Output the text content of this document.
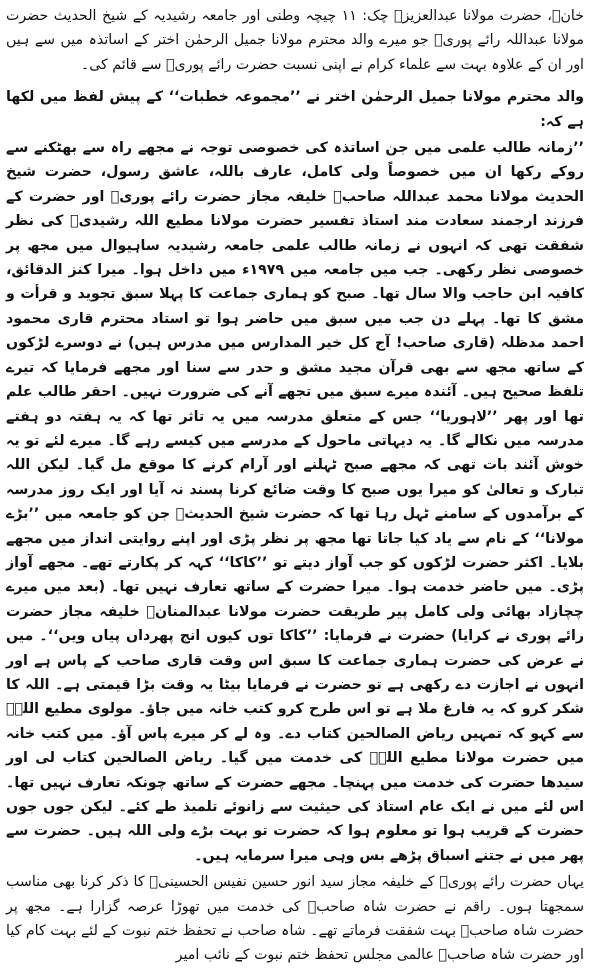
خانؒ، حضرت مولانا عبدالعزیزؒ چک: ۱۱ چیچہ وطنی اور جامعہ رشیدیہ کے شیخ الحدیث حضرت مولانا عبداللہ رائے پوریؒ جو میرے والد محترم مولانا جمیل الرحمٰن اختر کے اساتذہ میں سے ہیں اور ان کے علاوہ بہت سے علماء کرام نے اپنی نسبت حضرت رائے پوریؒ سے قائم کی۔

والد محترم مولانا جمیل الرحمٰن اختر نے ’’مجموعہ خطبات‘‘ کے پیش لفظ میں لکھا ہے کہ:

’’زمانہ طالب علمی میں جن اساتذہ کی خصوصی توجہ نے مجھے راہ سے بھٹکنے سے روکے رکھا ان میں خصوصاً ولی کامل، عارف باللہ، عاشق رسول، حضرت شیخ الحدیث مولانا محمد عبداللہ صاحبؒ خلیفہ مجاز حضرت رائے پوریؒ اور حضرت کے فرزند ارجمند سعادت مند استاذ تفسیر حضرت مولانا مطیع اللہ رشیدیؒ کی نظر شفقت تھی کہ انہوں نے زمانہ طالب علمی جامعہ رشیدیہ ساہیوال میں مجھ پر خصوصی نظر رکھی۔ جب میں جامعہ میں ۱۹۷۹ء میں داخل ہوا۔ میرا کنز الدقائق، کافیہ ابن حاجب والا سال تھا۔ صبح کو ہماری جماعت کا پہلا سبق تجوید و قرأت و مشق کا تھا۔ پہلے دن جب میں سبق میں حاضر ہوا تو استاد محترم قاری محمود احمد مدظلہ (قاری صاحب! آج کل خیر المدارس میں مدرس ہیں) نے دوسرے لڑکوں کے ساتھ مجھ سے بھی قرآن مجید مشق و حدر سے سنا اور مجھے فرمایا کہ تیرے تلفظ صحیح ہیں۔ آئندہ میرے سبق میں تجھے آنے کی ضرورت نہیں۔ احقر طالب علم تھا اور پھر ’’لاہوریا‘‘ جس کے متعلق مدرسہ میں یہ تاثر تھا کہ یہ ہفتہ دو ہفتے مدرسہ میں نکالے گا۔ یہ دیہاتی ماحول کے مدرسے میں کیسے رہے گا۔ میرے لئے تو یہ خوش آئند بات تھی کہ مجھے صبح ٹہلنے اور آرام کرنے کا موقع مل گیا۔ لیکن اللہ تبارک و تعالیٰ کو میرا یوں صبح کا وقت ضائع کرنا پسند نہ آیا اور ایک روز مدرسہ کے برآمدوں کے سامنے ٹہل رہا تھا کہ حضرت شیخ الحدیثؒ جن کو جامعہ میں ’’بڑے مولانا‘‘ کے نام سے یاد کیا جاتا تھا مجھ پر نظر پڑی اور اپنے روایتی انداز میں مجھے بلایا۔ اکثر حضرت لڑکوں کو جب آواز دیتے تو ’’کاکا‘‘ کہہ کر پکارتے تھے۔ مجھے آواز پڑی۔ میں حاضر خدمت ہوا۔ میرا حضرت کے ساتھ تعارف نہیں تھا۔ (بعد میں میرے چچازاد بھائی ولی کامل پیر طریقت حضرت مولانا عبدالمنانؒ خلیفہ مجاز حضرت رائے پوری نے کرایا) حضرت نے فرمایا: ’’کاکا توں کیوں انج پھرداں پیاں ویں‘‘۔ میں نے عرض کی حضرت ہماری جماعت کا سبق اس وقت قاری صاحب کے پاس ہے اور انہوں نے اجازت دے رکھی ہے تو حضرت نے فرمایا بیٹا یہ وقت بڑا قیمتی ہے۔ اللہ کا شکر کرو کہ یہ فارغ ملا ہے تو اس طرح کرو کتب خانہ میں جاؤ۔ مولوی مطیع اللہؒ سے کہو کہ تمہیں ریاض الصالحین کتاب دے۔ وہ لے کر میرے پاس آؤ۔ میں کتب خانہ میں حضرت مولانا مطیع اللہؒ کی خدمت میں گیا۔ ریاض الصالحین کتاب لی اور سیدھا حضرت کی خدمت میں پہنچا۔ مجھے حضرت کے ساتھ چونکہ تعارف نہیں تھا۔ اس لئے میں نے ایک عام استاذ کی حیثیت سے زانوئے تلمیذ طے کئے۔ لیکن جوں جوں حضرت کے قریب ہوا تو معلوم ہوا کہ حضرت تو بہت بڑے ولی اللہ ہیں۔ حضرت سے پھر میں نے جتنے اسباق پڑھے بس وہی میرا سرمایہ ہیں۔

یہاں حضرت رائے پوریؒ کے خلیفہ مجاز سید انور حسین نفیس الحسینیؒ کا ذکر کرنا بھی مناسب سمجھتا ہوں۔ راقم نے حضرت شاہ صاحبؒ کی خدمت میں تھوڑا عرصہ گزارا ہے۔ مجھ پر حضرت شاہ صاحبؒ بہت شفقت فرماتے تھے۔ شاہ صاحب نے تحفظ ختم نبوت کے لئے بہت کام کیا اور حضرت شاہ صاحبؒ عالمی مجلس تحفظ ختم نبوت کے نائب امیر
